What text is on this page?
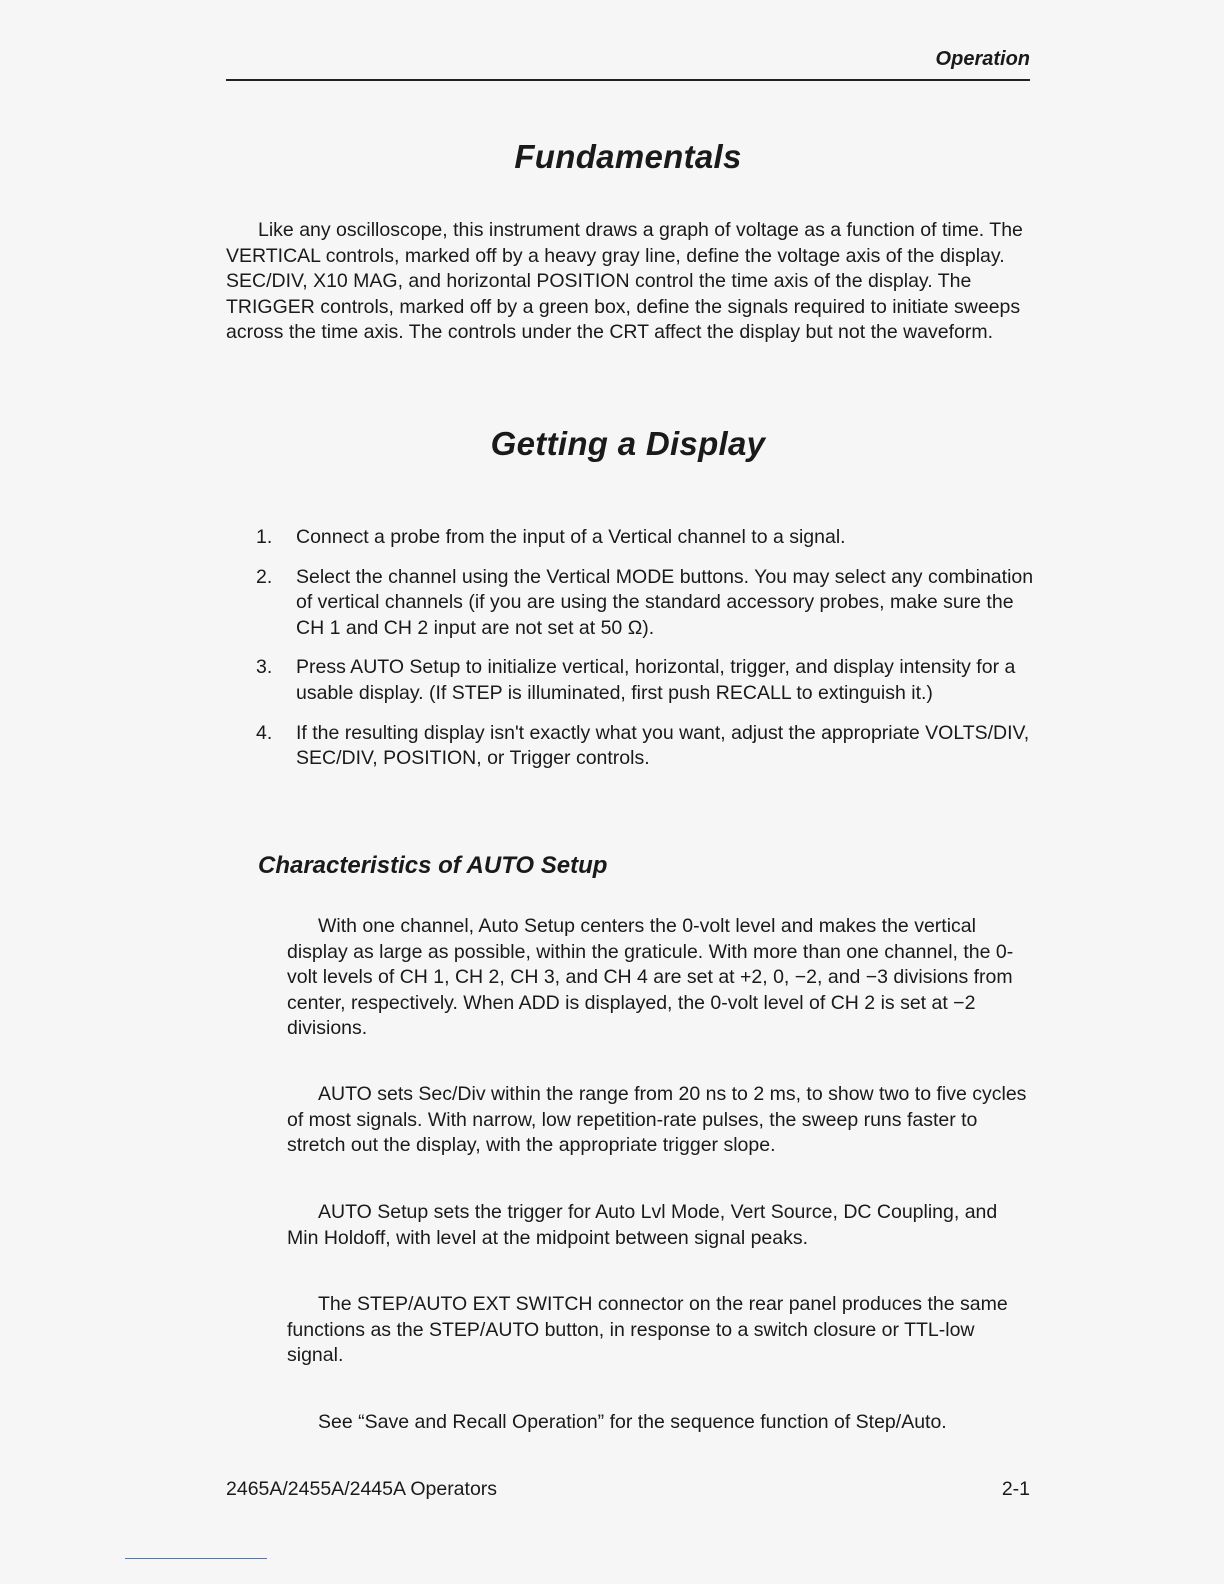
Operation
Fundamentals

Like any oscilloscope, this instrument draws a graph of voltage as a function of time. The VERTICAL controls, marked off by a heavy gray line, define the voltage axis of the display. SEC/DIV, X10 MAG, and horizontal POSITION control the time axis of the display. The TRIGGER controls, marked off by a green box, define the signals required to initiate sweeps across the time axis. The controls under the CRT affect the display but not the waveform.

Getting a Display
1. Connect a probe from the input of a Vertical channel to a signal.
2. Select the channel using the Vertical MODE buttons. You may select any combination of vertical channels (if you are using the standard accessory probes, make sure the CH 1 and CH 2 input are not set at 50 Ω).
3. Press AUTO Setup to initialize vertical, horizontal, trigger, and display intensity for a usable display. (If STEP is illuminated, first push RECALL to extinguish it.)
4. If the resulting display isn't exactly what you want, adjust the appropriate VOLTS/DIV, SEC/DIV, POSITION, or Trigger controls.
Characteristics of AUTO Setup

With one channel, Auto Setup centers the 0-volt level and makes the vertical display as large as possible, within the graticule. With more than one channel, the 0-volt levels of CH 1, CH 2, CH 3, and CH 4 are set at +2, 0, −2, and −3 divisions from center, respectively. When ADD is displayed, the 0-volt level of CH 2 is set at −2 divisions.

AUTO sets Sec/Div within the range from 20 ns to 2 ms, to show two to five cycles of most signals. With narrow, low repetition-rate pulses, the sweep runs faster to stretch out the display, with the appropriate trigger slope.

AUTO Setup sets the trigger for Auto Lvl Mode, Vert Source, DC Coupling, and Min Holdoff, with level at the midpoint between signal peaks.

The STEP/AUTO EXT SWITCH connector on the rear panel produces the same functions as the STEP/AUTO button, in response to a switch closure or TTL-low signal.

See “Save and Recall Operation” for the sequence function of Step/Auto.

2465A/2455A/2445A Operators	2-1
